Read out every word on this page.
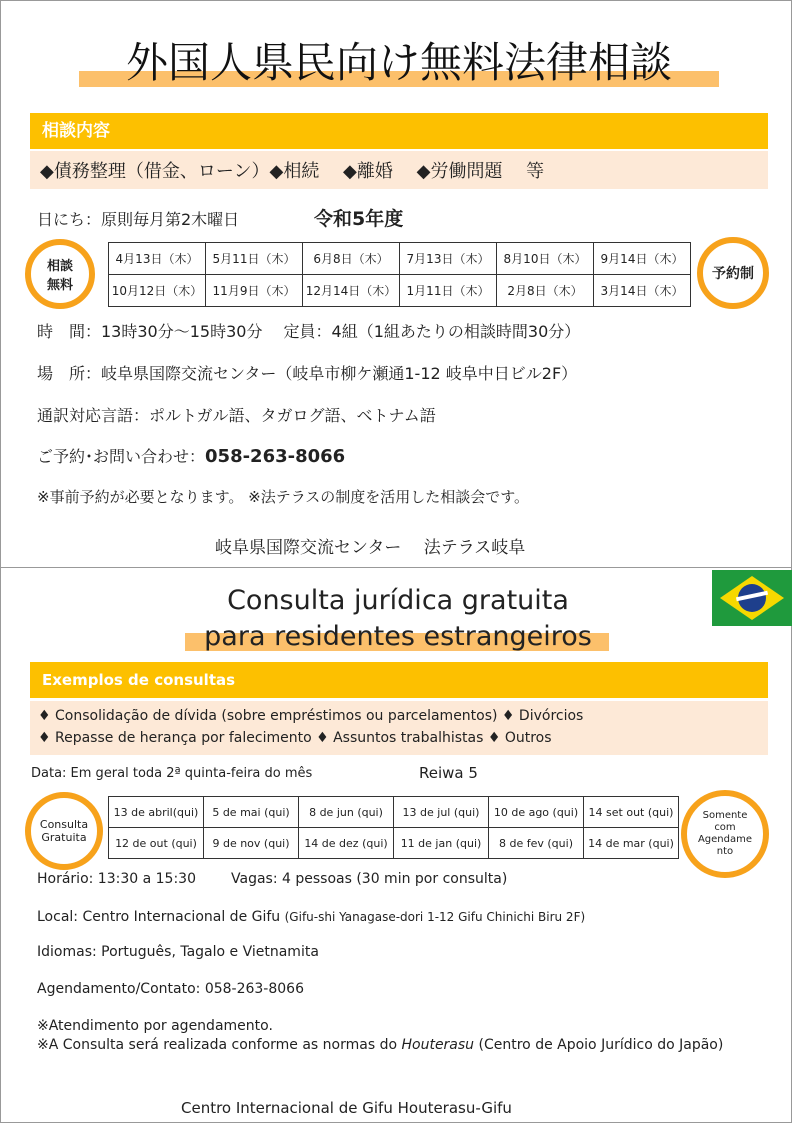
外国人県民向け無料法律相談
相談内容
◆債務整理（借金、ローン）◆相続　 ◆離婚　 ◆労働問題　 等
日にち：原則毎月第2木曜日	令和5年度
4月13日（木）	5月11日（木）	6月8日（木）	7月13日（木）	8月10日（木）	9月14日（木）
10月12日（木）	11月9日（木）	12月14日（木）	1月11日（木）	2月8日（木）	3月14日（木）
相談
無料
予約制
時　間：13時30分～15時30分　 定員：4組（1組あたりの相談時間30分）
場　所：岐阜県国際交流センター（岐阜市柳ケ瀬通1-12 岐阜中日ビル2F）
通訳対応言語：ポルトガル語、タガログ語、ベトナム語
ご予約･お問い合わせ：058-263-8066
※事前予約が必要となります。 ※法テラスの制度を活用した相談会です。
岐阜県国際交流センター　 法テラス岐阜
Consulta jurídica gratuita
para residentes estrangeiros
Exemplos de consultas
♦ Consolidação de dívida (sobre empréstimos ou parcelamentos) ♦ Divórcios
♦ Repasse de herança por falecimento ♦ Assuntos trabalhistas ♦ Outros
Data: Em geral toda 2ª quinta-feira do mês	Reiwa 5
13 de abril(qui)	5 de mai (qui)	8 de jun (qui)	13 de jul (qui)	10 de ago (qui)	14 set out (qui)
12 de out (qui)	9 de nov (qui)	14 de dez (qui)	11 de jan (qui)	8 de fev (qui)	14 de mar (qui)
Consulta
Gratuita
Somente
com
Agendame
nto
Horário: 13:30 a 15:30	Vagas: 4 pessoas (30 min por consulta)
Local: Centro Internacional de Gifu (Gifu-shi Yanagase-dori 1-12 Gifu Chinichi Biru 2F)
Idiomas: Português, Tagalo e Vietnamita
Agendamento/Contato: 058-263-8066
※Atendimento por agendamento.
※A Consulta será realizada conforme as normas do Houterasu (Centro de Apoio Jurídico do Japão)
Centro Internacional de Gifu Houterasu-Gifu
